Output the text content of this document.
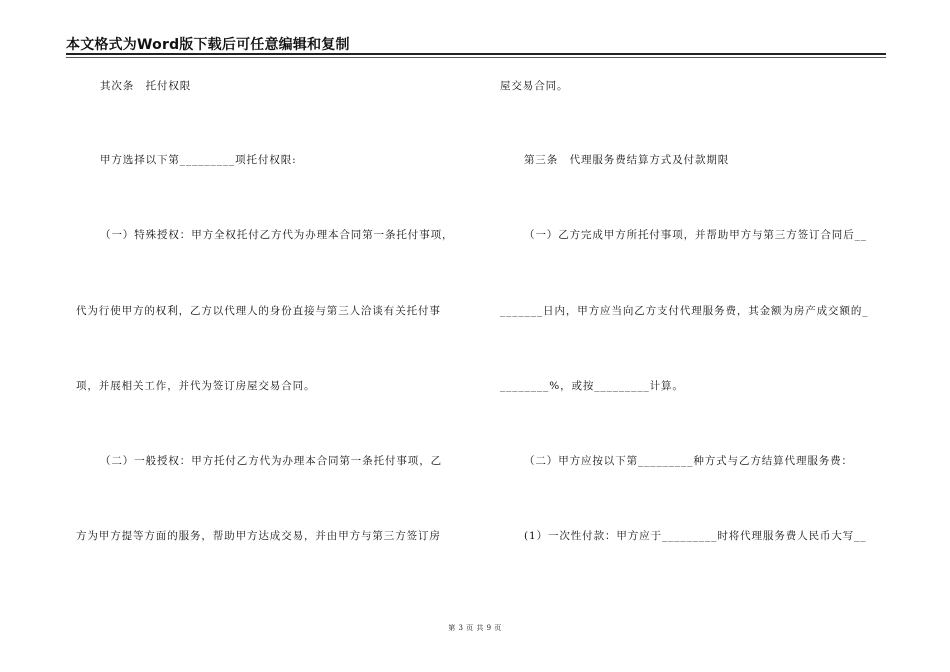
本文格式为Word版下载后可任意编辑和复制
其次条　托付权限
甲方选择以下第_________项托付权限:
（一）特殊授权：甲方全权托付乙方代为办理本合同第一条托付事项，
代为行使甲方的权利，乙方以代理人的身份直接与第三人洽谈有关托付事
项，并展相关工作，并代为签订房屋交易合同。
（二）一般授权：甲方托付乙方代为办理本合同第一条托付事项，乙
方为甲方提等方面的服务，帮助甲方达成交易，并由甲方与第三方签订房
屋交易合同。
第三条　代理服务费结算方式及付款期限
（一）乙方完成甲方所托付事项，并帮助甲方与第三方签订合同后__
_______日内，甲方应当向乙方支付代理服务费，其金额为房产成交额的_
________%，或按_________计算。
（二）甲方应按以下第_________种方式与乙方结算代理服务费：
(1）一次性付款：甲方应于_________时将代理服务费人民币大写__
第 3 页 共 9 页
